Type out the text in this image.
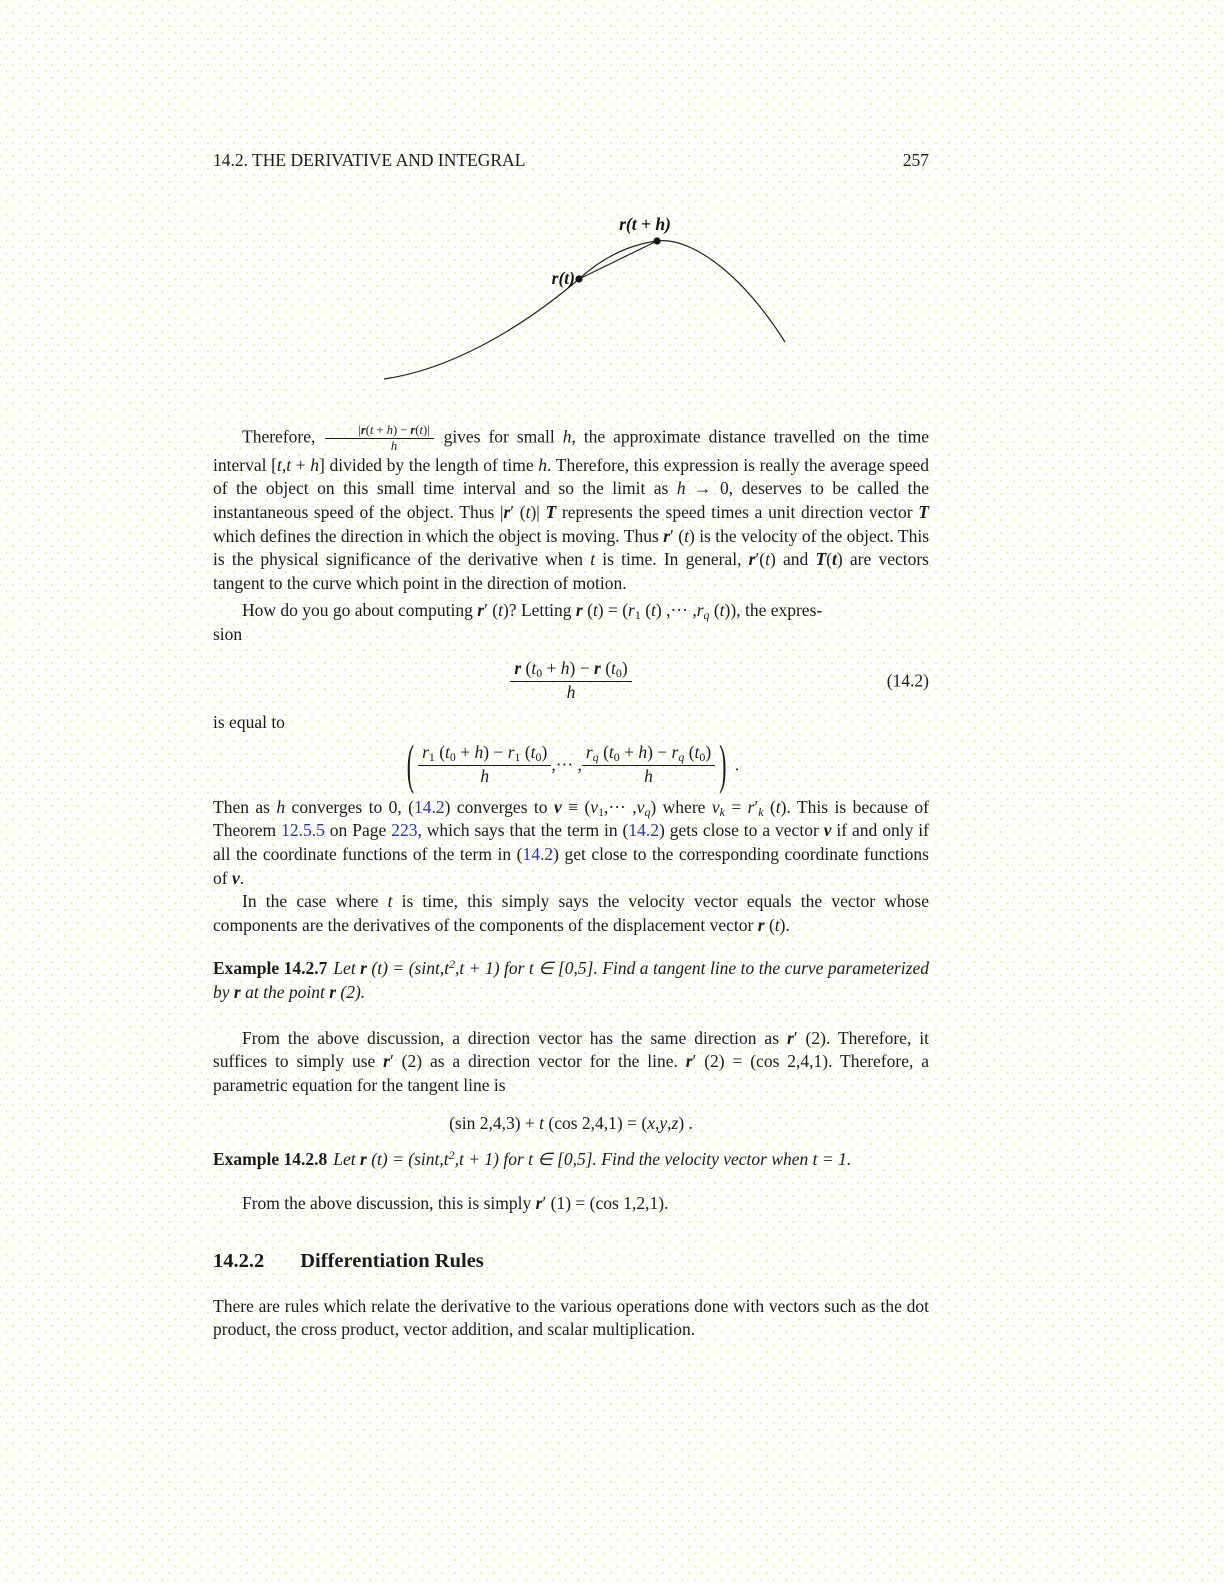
14.2. THE DERIVATIVE AND INTEGRAL	257
r(t)
r(t + h)

Therefore, $\frac{|r(t + h) - r(t)|}{h}$ gives for small h, the approximate distance travelled on the time interval [t,t + h] divided by the length of time h. Therefore, this expression is really the average speed of the object on this small time interval and so the limit as h → 0, deserves to be called the instantaneous speed of the object. Thus |r′ (t)| T represents the speed times a unit direction vector T which defines the direction in which the object is moving. Thus r′ (t) is the velocity of the object. This is the physical significance of the derivative when t is time. In general, r′(t) and T(t) are vectors tangent to the curve which point in the direction of motion.

How do you go about computing r′ (t)? Letting r $(t) = (r_1$ (t) ,··· $,r_q$ (t)), the expres-
sion

$\frac{r (t_0 + h) - r (t_0)}{h}$	(14.2)

is equal to

( $\frac{r_1 (t_0 + h) - r_1 (t_0)}{h}$ ,··· , $\frac{r_q (t_0 + h) - r_q (t_0)}{h}$ ) .

Then as h converges to 0, (14.2) converges to $v \equiv (v_1,\cdot\cdot\cdot ,v_q)$ where $v_k = r'_k$ (t). This is because of Theorem 12.5.5 on Page 223, which says that the term in (14.2) gets close to a vector v if and only if all the coordinate functions of the term in (14.2) get close to the corresponding coordinate functions of v.

In the case where t is time, this simply says the velocity vector equals the vector whose components are the derivatives of the components of the displacement vector r (t).

Example 14.2.7 Let r $(t) = (\sin t,t^2,t + 1)$ for t ∈ [0,5]. Find a tangent line to the curve parameterized by r at the point r (2).

From the above discussion, a direction vector has the same direction as r′ (2). Therefore, it suffices to simply use r′ (2) as a direction vector for the line. r′ (2) = (cos 2,4,1). Therefore, a parametric equation for the tangent line is

(sin 2,4,3) + t (cos 2,4,1) = (x,y,z) .

Example 14.2.8 Let r $(t) = (\sin t,t^2,t + 1)$ for t ∈ [0,5]. Find the velocity vector when t = 1.

From the above discussion, this is simply r′ (1) = (cos 1,2,1).

14.2.2 Differentiation Rules

There are rules which relate the derivative to the various operations done with vectors such as the dot product, the cross product, vector addition, and scalar multiplication.
